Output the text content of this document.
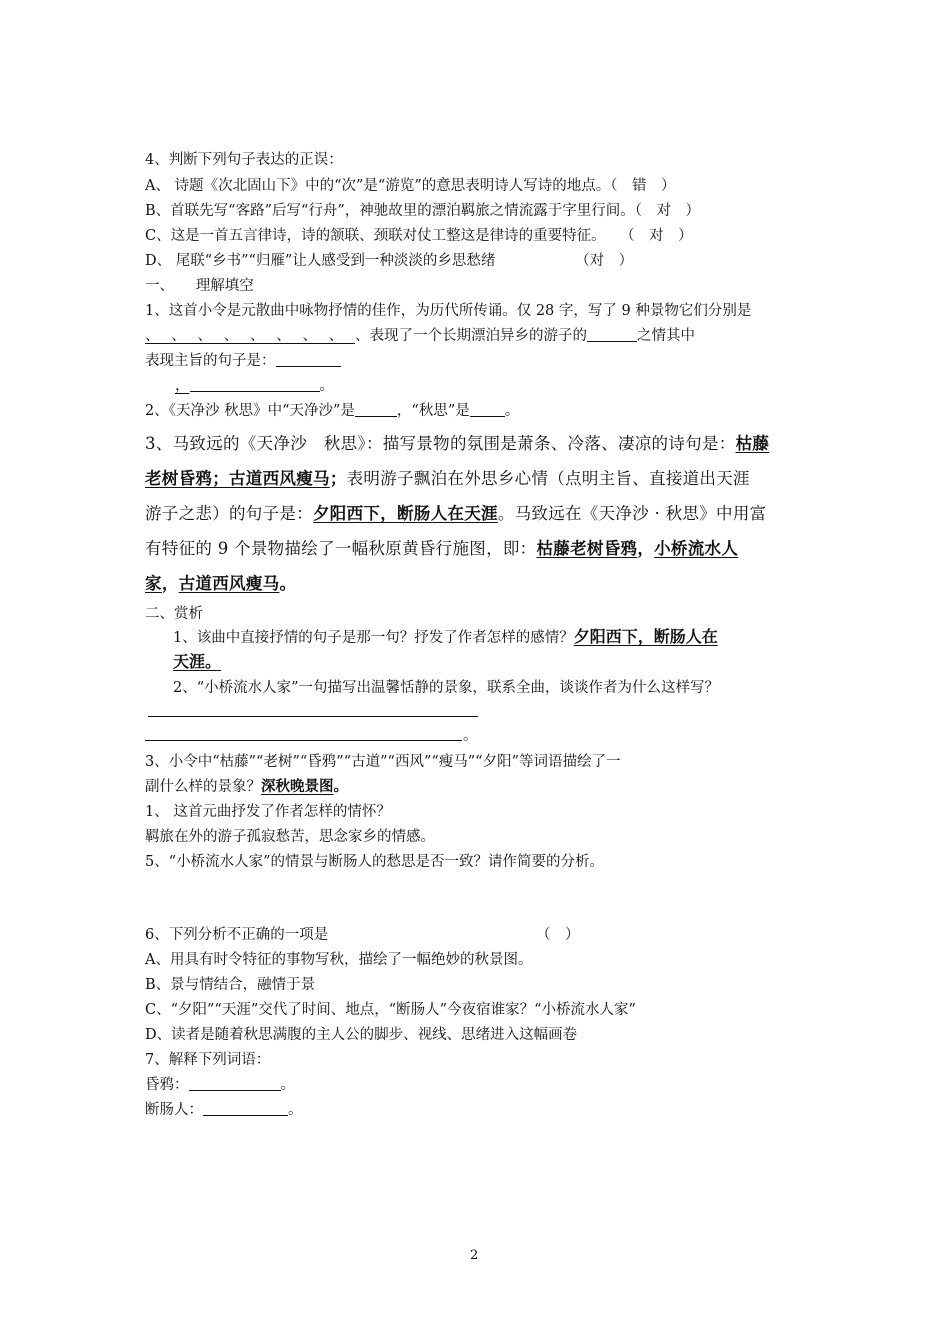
4、判断下列句子表达的正误：
A、 诗题《次北固山下》中的“次”是“游览”的意思表明诗人写诗的地点。（　错　）
B、首联先写“客路”后写“行舟”，神驰故里的漂泊羁旅之情流露于字里行间。（　对　）
C、这是一首五言律诗，诗的颔联、颈联对仗工整这是律诗的重要特征。　　（　对　）
D、 尾联“乡书”“归雁”让人感受到一种淡淡的乡思愁绪　　　　　　（对　）
一、　　理解填空
1、这首小令是元散曲中咏物抒情的佳作，为历代所传诵。仅 28 字，写了 9 种景物它们分别是
、、、、、、、、、表现了一个长期漂泊异乡的游子的	之情其中
表现主旨的句子是：
，	。
2、《天净沙 秋思》中“天净沙”是	，“秋思”是 。
3、马致远的《天净沙　秋思》：描写景物的氛围是萧条、冷落、凄凉的诗句是：枯藤
老树昏鸦；古道西风瘦马；表明游子飘泊在外思乡心情（点明主旨、直接道出天涯
游子之悲）的句子是：夕阳西下，断肠人在天涯。马致远在《天净沙 · 秋思》中用富
有特征的 9 个景物描绘了一幅秋原黄昏行施图，即：枯藤老树昏鸦，小桥流水人
家，古道西风瘦马。
二、赏析
1、该曲中直接抒情的句子是那一句？抒发了作者怎样的感情？夕阳西下，断肠人在
天涯。
2、“小桥流水人家”一句描写出温馨恬静的景象，联系全曲，谈谈作者为什么这样写？
。
3、小令中“枯藤”“老树”“昏鸦”“古道”“西风”“瘦马”“夕阳”等词语描绘了一
副什么样的景象？深秋晚景图。
1、 这首元曲抒发了作者怎样的情怀？
羁旅在外的游子孤寂愁苦，思念家乡的情感。
5、“小桥流水人家”的情景与断肠人的愁思是否一致？请作简要的分析。
6、下列分析不正确的一项是	（　）
A、用具有时令特征的事物写秋，描绘了一幅绝妙的秋景图。
B、景与情结合，融情于景
C、“夕阳”“天涯”交代了时间、地点，“断肠人”今夜宿谁家？“小桥流水人家”
D、读者是随着秋思满腹的主人公的脚步、视线、思绪进入这幅画卷
7、解释下列词语：
昏鸦：	。
断肠人：	。
2
